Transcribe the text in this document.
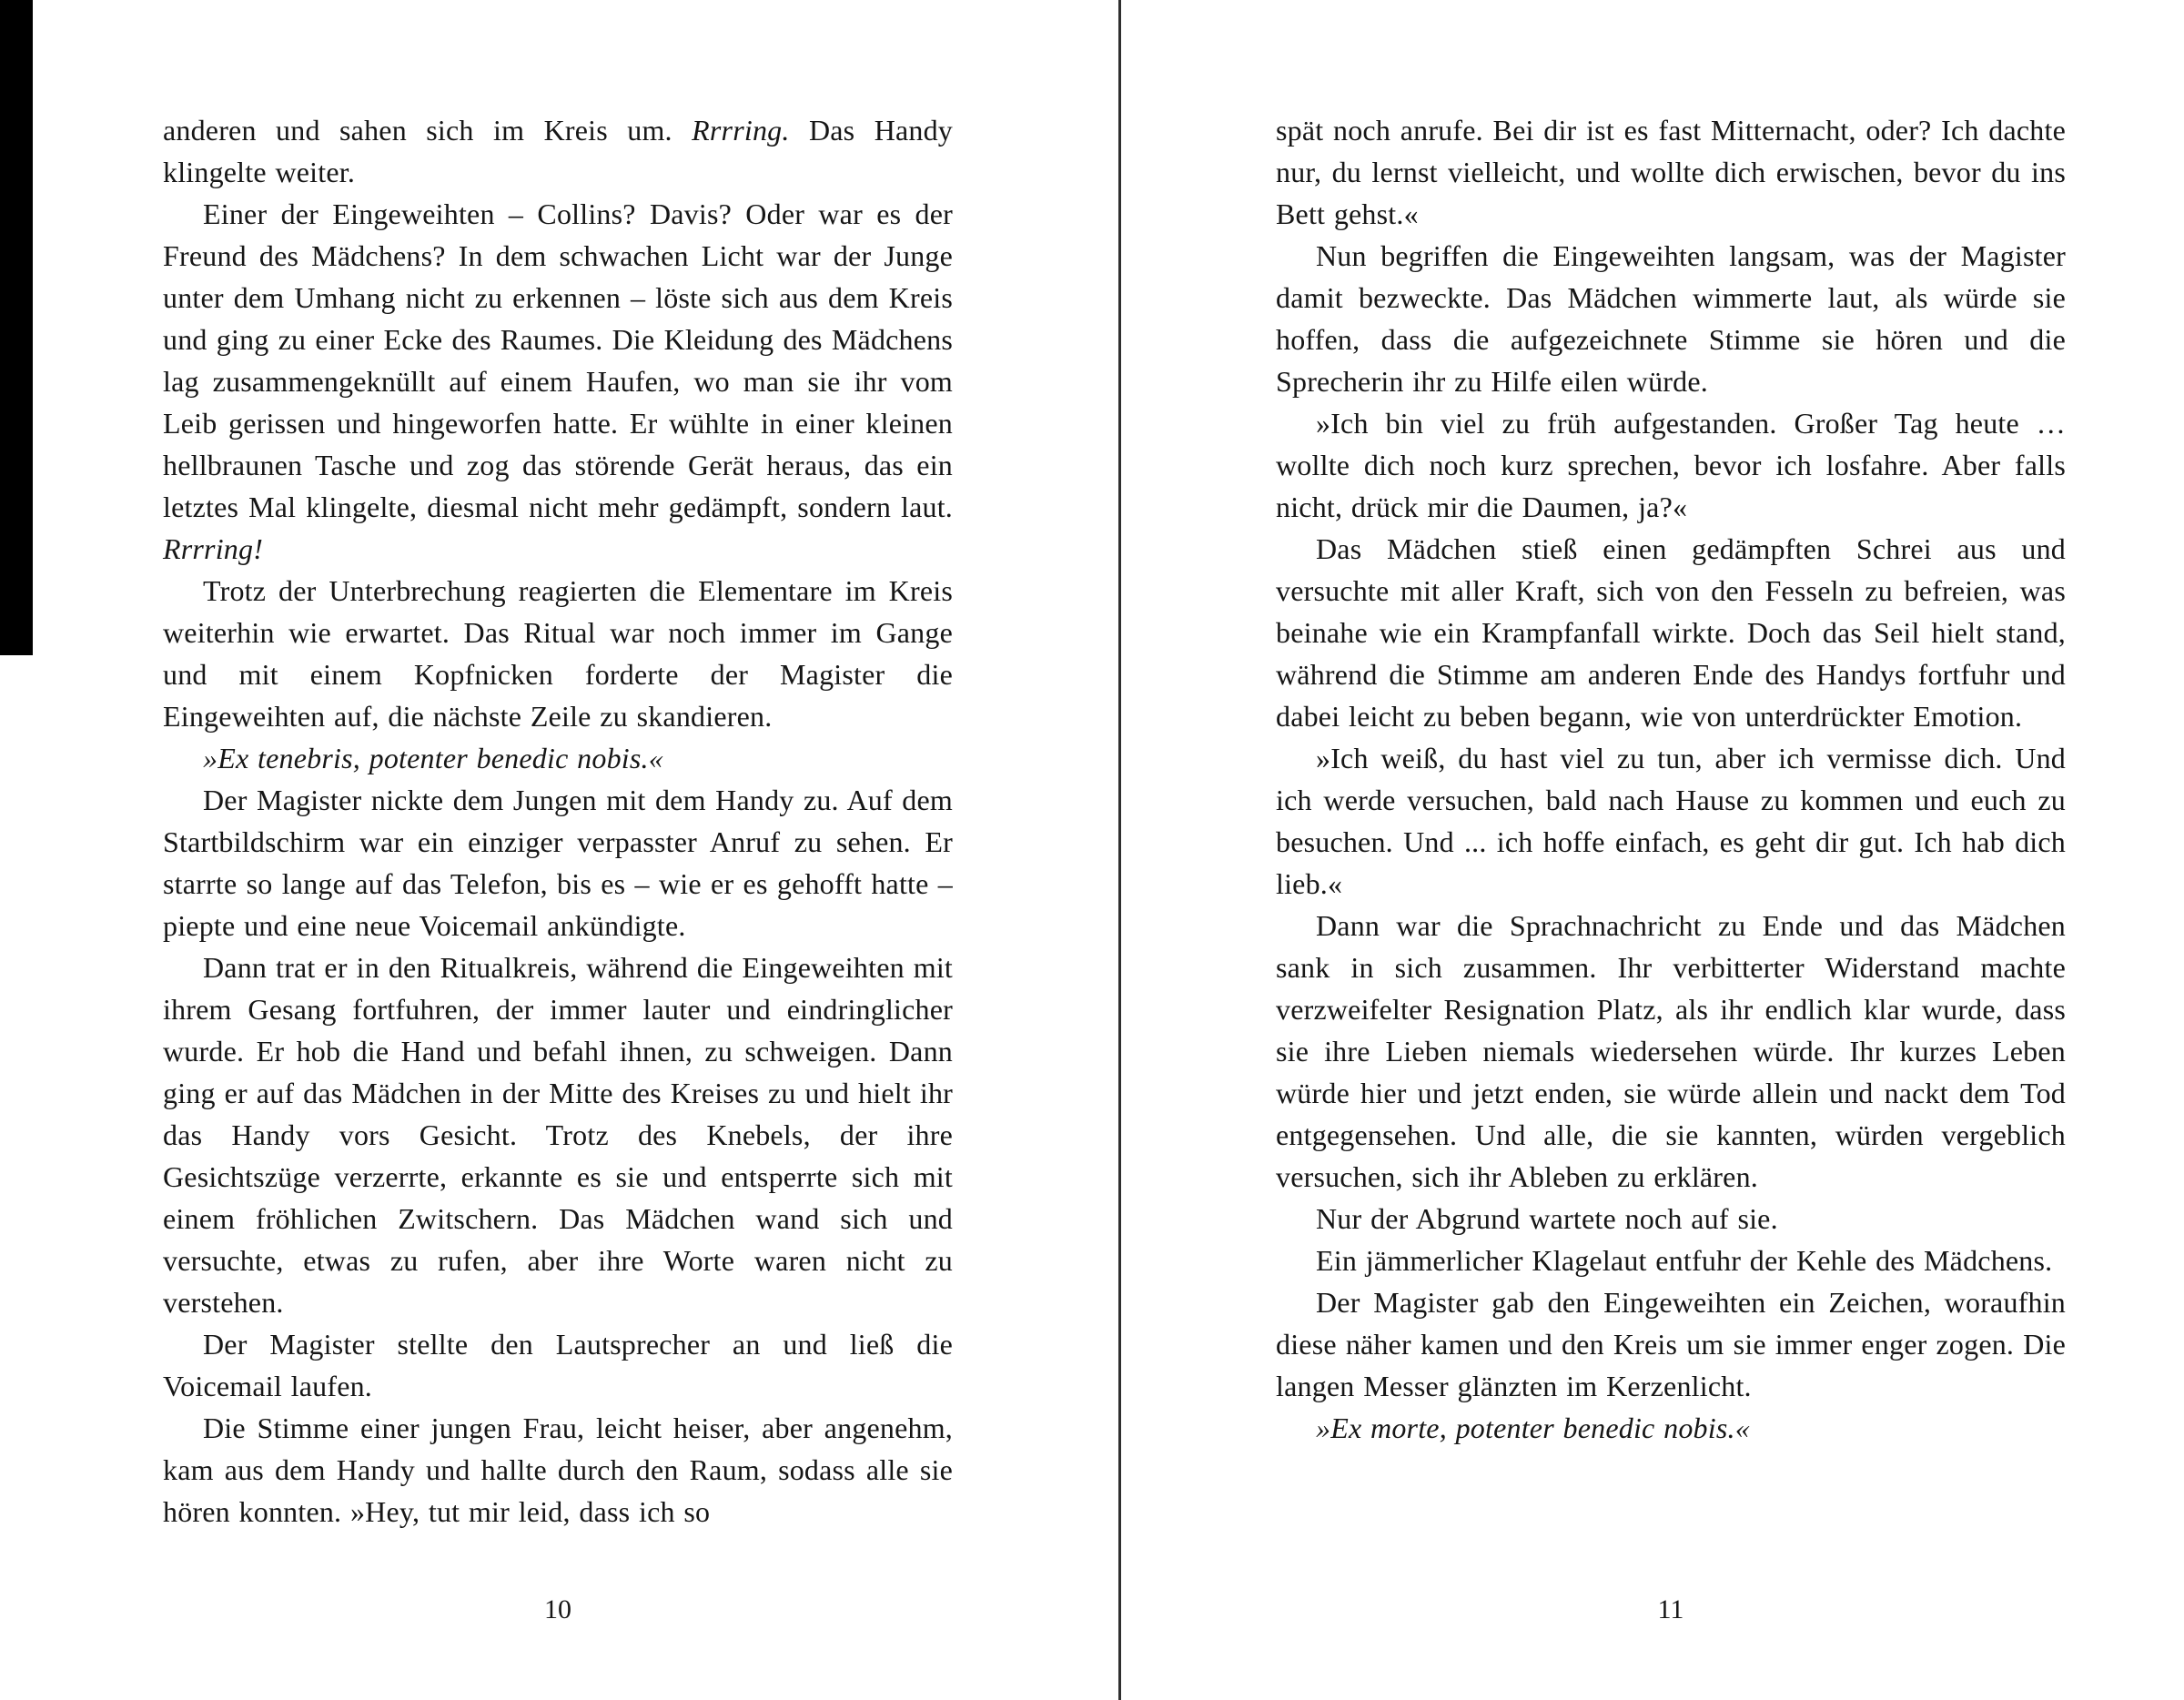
anderen und sahen sich im Kreis um. Rrrring. Das Handy klingelte weiter.

Einer der Eingeweihten – Collins? Davis? Oder war es der Freund des Mädchens? In dem schwachen Licht war der Junge unter dem Umhang nicht zu erkennen – löste sich aus dem Kreis und ging zu einer Ecke des Raumes. Die Kleidung des Mädchens lag zusammengeknüllt auf einem Haufen, wo man sie ihr vom Leib gerissen und hingeworfen hatte. Er wühlte in einer kleinen hellbraunen Tasche und zog das störende Gerät heraus, das ein letztes Mal klingelte, diesmal nicht mehr gedämpft, sondern laut. Rrrring!

Trotz der Unterbrechung reagierten die Elementare im Kreis weiterhin wie erwartet. Das Ritual war noch immer im Gange und mit einem Kopfnicken forderte der Magister die Eingeweihten auf, die nächste Zeile zu skandieren.

»Ex tenebris, potenter benedic nobis.«

Der Magister nickte dem Jungen mit dem Handy zu. Auf dem Startbildschirm war ein einziger verpasster Anruf zu sehen. Er starrte so lange auf das Telefon, bis es – wie er es gehofft hatte – piepte und eine neue Voicemail ankündigte.

Dann trat er in den Ritualkreis, während die Eingeweihten mit ihrem Gesang fortfuhren, der immer lauter und eindringlicher wurde. Er hob die Hand und befahl ihnen, zu schweigen. Dann ging er auf das Mädchen in der Mitte des Kreises zu und hielt ihr das Handy vors Gesicht. Trotz des Knebels, der ihre Gesichtszüge verzerrte, erkannte es sie und entsperrte sich mit einem fröhlichen Zwitschern. Das Mädchen wand sich und versuchte, etwas zu rufen, aber ihre Worte waren nicht zu verstehen.

Der Magister stellte den Lautsprecher an und ließ die Voicemail laufen.

Die Stimme einer jungen Frau, leicht heiser, aber angenehm, kam aus dem Handy und hallte durch den Raum, sodass alle sie hören konnten. »Hey, tut mir leid, dass ich so

10

spät noch anrufe. Bei dir ist es fast Mitternacht, oder? Ich dachte nur, du lernst vielleicht, und wollte dich erwischen, bevor du ins Bett gehst.«

Nun begriffen die Eingeweihten langsam, was der Magister damit bezweckte. Das Mädchen wimmerte laut, als würde sie hoffen, dass die aufgezeichnete Stimme sie hören und die Sprecherin ihr zu Hilfe eilen würde.

»Ich bin viel zu früh aufgestanden. Großer Tag heute … wollte dich noch kurz sprechen, bevor ich losfahre. Aber falls nicht, drück mir die Daumen, ja?«

Das Mädchen stieß einen gedämpften Schrei aus und versuchte mit aller Kraft, sich von den Fesseln zu befreien, was beinahe wie ein Krampfanfall wirkte. Doch das Seil hielt stand, während die Stimme am anderen Ende des Handys fortfuhr und dabei leicht zu beben begann, wie von unterdrückter Emotion.

»Ich weiß, du hast viel zu tun, aber ich vermisse dich. Und ich werde versuchen, bald nach Hause zu kommen und euch zu besuchen. Und ... ich hoffe einfach, es geht dir gut. Ich hab dich lieb.«

Dann war die Sprachnachricht zu Ende und das Mädchen sank in sich zusammen. Ihr verbitterter Widerstand machte verzweifelter Resignation Platz, als ihr endlich klar wurde, dass sie ihre Lieben niemals wiedersehen würde. Ihr kurzes Leben würde hier und jetzt enden, sie würde allein und nackt dem Tod entgegensehen. Und alle, die sie kannten, würden vergeblich versuchen, sich ihr Ableben zu erklären.

Nur der Abgrund wartete noch auf sie.

Ein jämmerlicher Klagelaut entfuhr der Kehle des Mädchens.

Der Magister gab den Eingeweihten ein Zeichen, woraufhin diese näher kamen und den Kreis um sie immer enger zogen. Die langen Messer glänzten im Kerzenlicht.

»Ex morte, potenter benedic nobis.«

11
